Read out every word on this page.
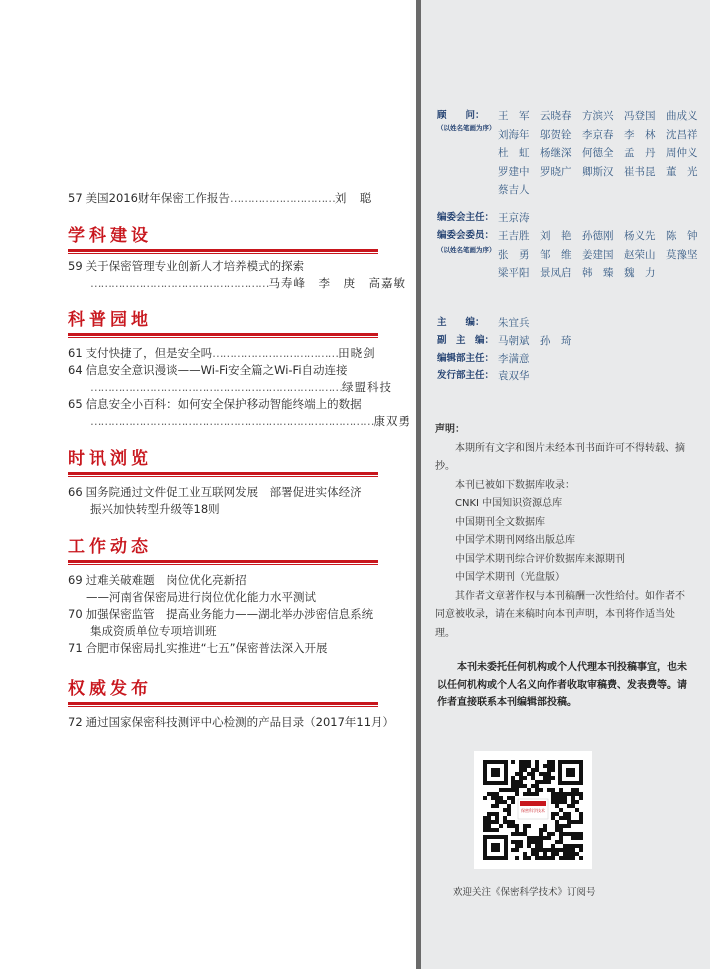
57 美国2016财年保密工作报告…………………………刘　聪
学科建设
59 关于保密管理专业创新人才培养模式的探索
……………………………………………马寿峰　李　庚　高嘉敏
科普园地
61 支付快捷了，但是安全吗………………………………田晓剑
64 信息安全意识漫谈——Wi-Fi安全篇之Wi-Fi自动连接
………………………………………………………………绿盟科技
65 信息安全小百科：如何安全保护移动智能终端上的数据
………………………………………………………………………康双勇
时讯浏览
66 国务院通过文件促工业互联网发展　部署促进实体经济
振兴加快转型升级等18则
工作动态
69 过难关破难题　岗位优化亮新招
——河南省保密局进行岗位优化能力水平测试
70 加强保密监管　提高业务能力——湖北举办涉密信息系统
集成资质单位专项培训班
71 合肥市保密局扎实推进“七五”保密普法深入开展
权威发布
72 通过国家保密科技测评中心检测的产品目录（2017年11月）
顾　　问：
（以姓名笔画为序）
王　军	云晓春	方滨兴	冯登国	曲成义
刘海年	邬贺铨	李京春	李　林	沈昌祥
杜　虹	杨继深	何德全	孟　丹	周仲义
罗建中	罗晓广	卿斯汉	崔书昆	董　光
蔡吉人
编委会主任： 王京涛
编委会委员：
（以姓名笔画为序）
王吉胜	刘　艳	孙德刚	杨义先	陈　钟
张　勇	邹　维	姜建国	赵荣山	莫豫坚
梁平阳	景凤启	韩　臻	魏　力
主　　编： 朱宜兵
副　主　编： 马朝斌　孙　琦
编辑部主任： 李满意
发行部主任： 袁双华
声明：
本期所有文字和图片未经本刊书面许可不得转载、摘抄。
本刊已被如下数据库收录：
CNKI 中国知识资源总库
中国期刊全文数据库
中国学术期刊网络出版总库
中国学术期刊综合评价数据库来源期刊
中国学术期刊（光盘版）
其作者文章著作权与本刊稿酬一次性给付。如作者不同意被收录，请在来稿时向本刊声明，本刊将作适当处理。
本刊未委托任何机构或个人代理本刊投稿事宜，也未以任何机构或个人名义向作者收取审稿费、发表费等。请作者直接联系本刊编辑部投稿。
保密科学技术
欢迎关注《保密科学技术》订阅号
